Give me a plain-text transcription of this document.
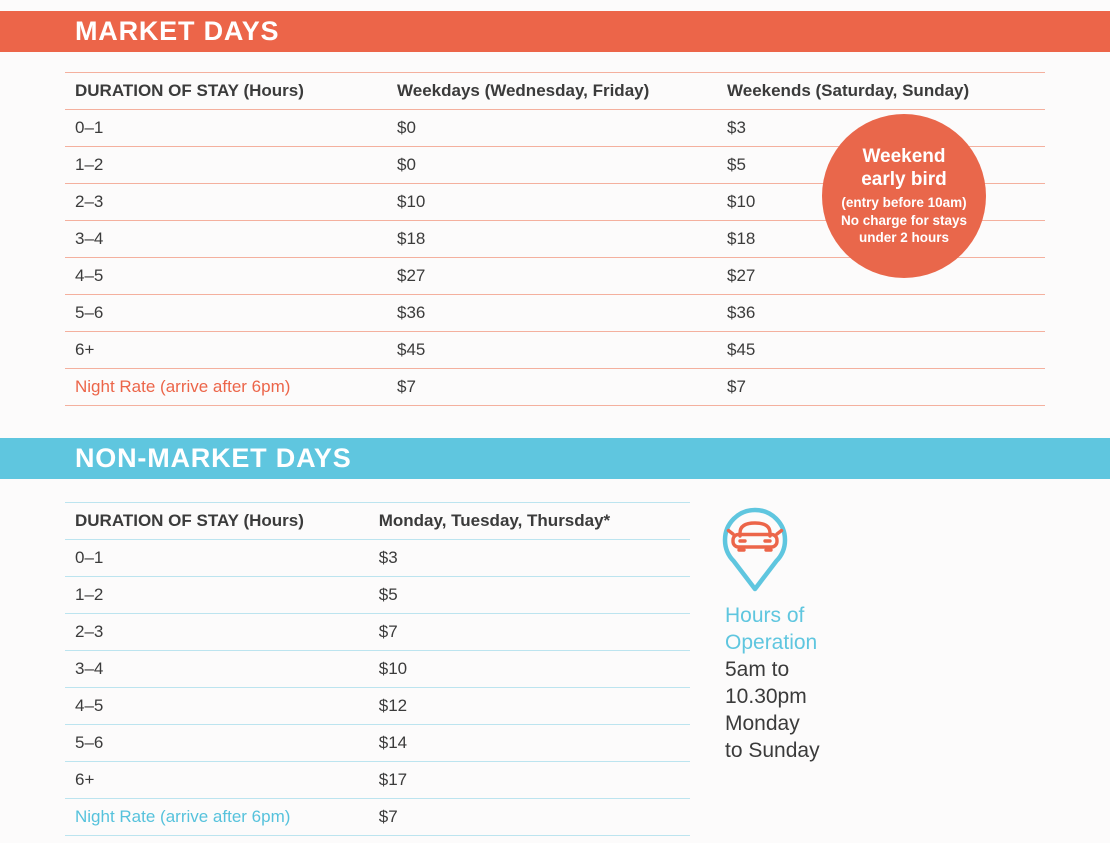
MARKET DAYS
DURATION OF STAY (Hours)	Weekdays (Wednesday, Friday)	Weekends (Saturday, Sunday)
0–1	$0	$3
1–2	$0	$5
2–3	$10	$10
3–4	$18	$18
4–5	$27	$27
5–6	$36	$36
6+	$45	$45
Night Rate (arrive after 6pm)	$7	$7
Weekend
early bird
(entry before 10am)
No charge for stays
under 2 hours
NON-MARKET DAYS
DURATION OF STAY (Hours)	Monday, Tuesday, Thursday*
0–1	$3
1–2	$5
2–3	$7
3–4	$10
4–5	$12
5–6	$14
6+	$17
Night Rate (arrive after 6pm)	$7
Hours of
Operation
5am to
10.30pm
Monday
to Sunday
